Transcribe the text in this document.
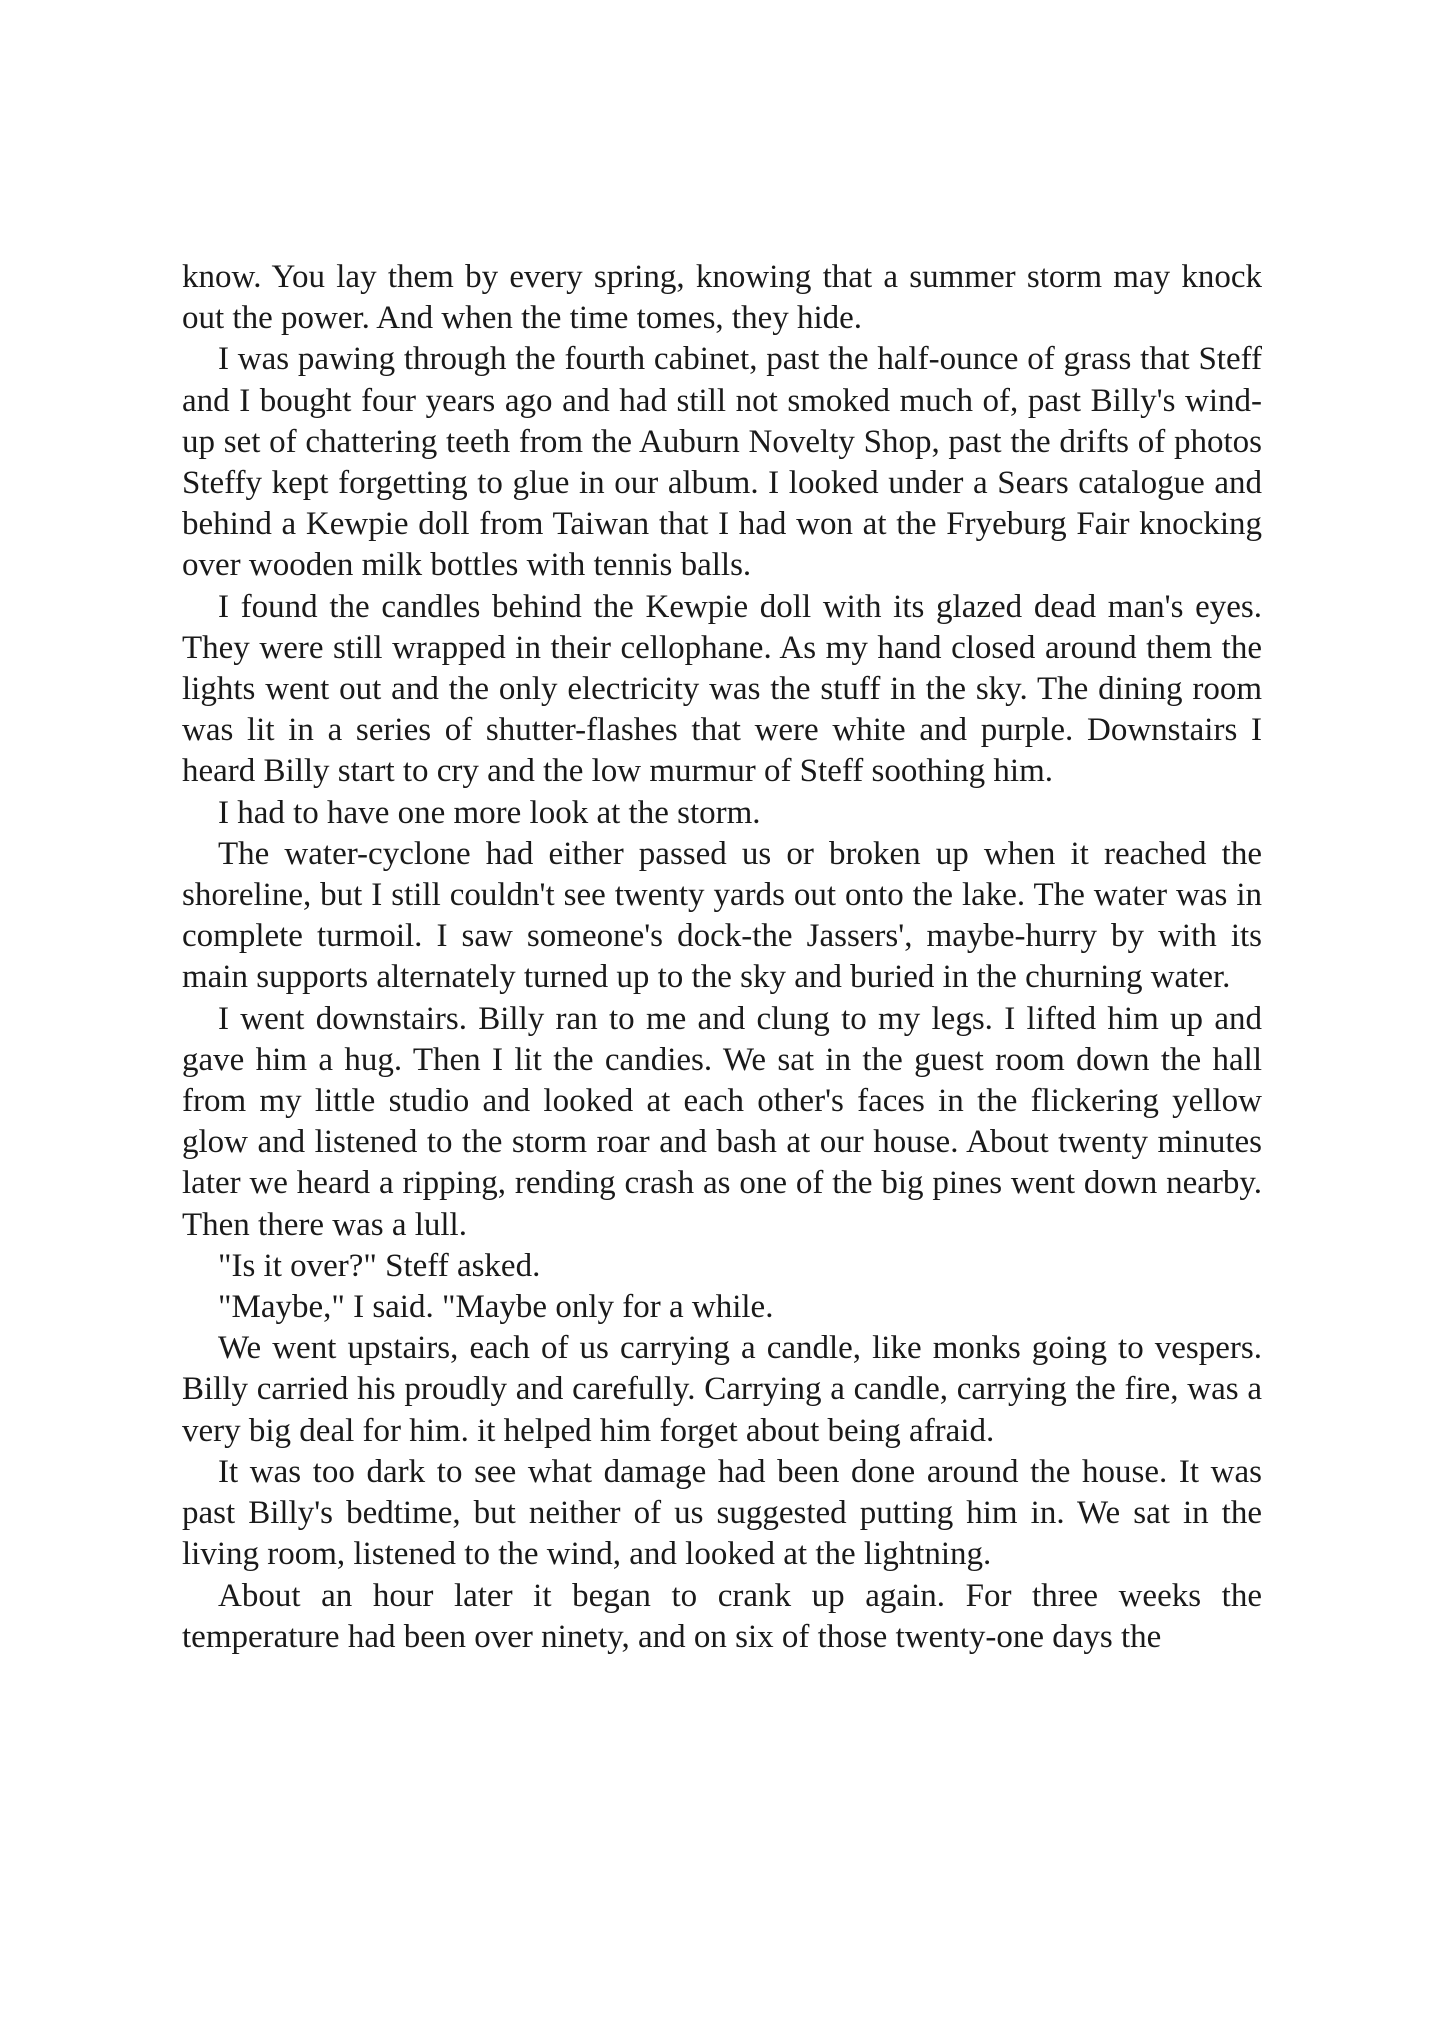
know. You lay them by every spring, knowing that a summer storm may knock out the power. And when the time tomes, they hide.

I was pawing through the fourth cabinet, past the half-ounce of grass that Steff and I bought four years ago and had still not smoked much of, past Billy's wind-up set of chattering teeth from the Auburn Novelty Shop, past the drifts of photos Steffy kept forgetting to glue in our album. I looked under a Sears catalogue and behind a Kewpie doll from Taiwan that I had won at the Fryeburg Fair knocking over wooden milk bottles with tennis balls.

I found the candles behind the Kewpie doll with its glazed dead man's eyes. They were still wrapped in their cellophane. As my hand closed around them the lights went out and the only electricity was the stuff in the sky. The dining room was lit in a series of shutter-flashes that were white and purple. Downstairs I heard Billy start to cry and the low murmur of Steff soothing him.

I had to have one more look at the storm.

The water-cyclone had either passed us or broken up when it reached the shoreline, but I still couldn't see twenty yards out onto the lake. The water was in complete turmoil. I saw someone's dock-the Jassers', maybe-hurry by with its main supports alternately turned up to the sky and buried in the churning water.

I went downstairs. Billy ran to me and clung to my legs. I lifted him up and gave him a hug. Then I lit the candies. We sat in the guest room down the hall from my little studio and looked at each other's faces in the flickering yellow glow and listened to the storm roar and bash at our house. About twenty minutes later we heard a ripping, rending crash as one of the big pines went down nearby. Then there was a lull.

"Is it over?" Steff asked.

"Maybe," I said. "Maybe only for a while.

We went upstairs, each of us carrying a candle, like monks going to vespers. Billy carried his proudly and carefully. Carrying a candle, carrying the fire, was a very big deal for him. it helped him forget about being afraid.

It was too dark to see what damage had been done around the house. It was past Billy's bedtime, but neither of us suggested putting him in. We sat in the living room, listened to the wind, and looked at the lightning.

About an hour later it began to crank up again. For three weeks the temperature had been over ninety, and on six of those twenty-one days the
